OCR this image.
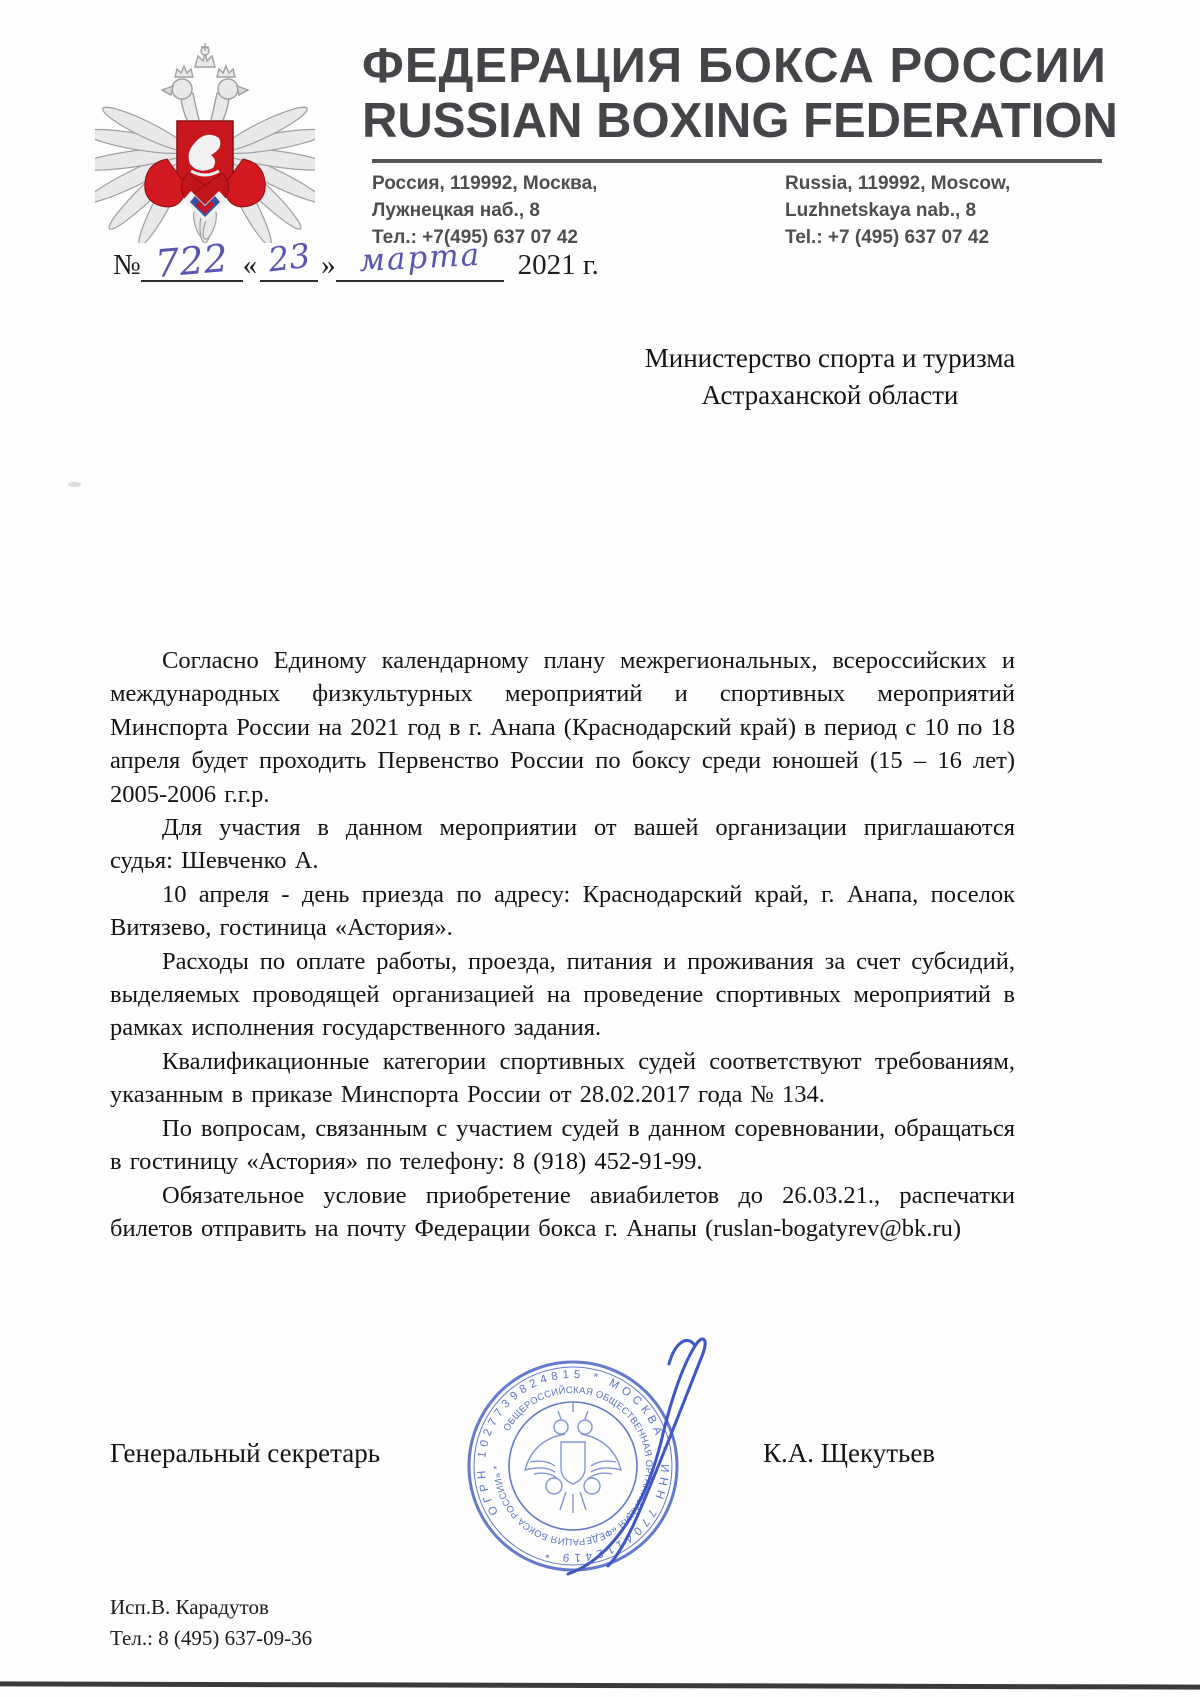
ФЕДЕРАЦИЯ БОКСА РОССИИ
RUSSIAN BOXING FEDERATION
Россия, 119992, Москва,
Лужнецкая наб., 8
Тел.: +7(495) 637 07 42
Russia, 119992, Moscow,
Luzhnetskaya nab., 8
Tel.: +7 (495) 637 07 42
№ 722 « 23 » марта	2021 г.
Министерство спорта и туризма
Астраханской области

Согласно Единому календарному плану межрегиональных, всероссийских и международных физкультурных мероприятий и спортивных мероприятий Минспорта России на 2021 год в г. Анапа (Краснодарский край) в период с 10 по 18 апреля будет проходить Первенство России по боксу среди юношей (15 – 16 лет) 2005-2006 г.г.р.

Для участия в данном мероприятии от вашей организации приглашаются судья: Шевченко А.

10 апреля - день приезда по адресу: Краснодарский край, г. Анапа, поселок Витязево, гостиница «Астория».

Расходы по оплате работы, проезда, питания и проживания за счет субсидий, выделяемых проводящей организацией на проведение спортивных мероприятий в рамках исполнения государственного задания.

Квалификационные категории спортивных судей соответствуют требованиям, указанным в приказе Минспорта России от 28.02.2017 года № 134.

По вопросам, связанным с участием судей в данном соревновании, обращаться в гостиницу «Астория» по телефону: 8 (918) 452-91-99.

Обязательное условие приобретение авиабилетов до 26.03.21., распечатки билетов отправить на почту Федерации бокса г. Анапы (ruslan-bogatyrev@bk.ru)

Генеральный секретарь	К.А. Щекутьев
ОГРН 1027739824815 * МОСКВА * ИНН 7704112419 *
ОБЩЕРОССИЙСКАЯ ОБЩЕСТВЕННАЯ ОРГАНИЗАЦИЯ «ФЕДЕРАЦИЯ БОКСА РОССИИ» *
Исп.В. Карадутов
Тел.: 8 (495) 637-09-36
